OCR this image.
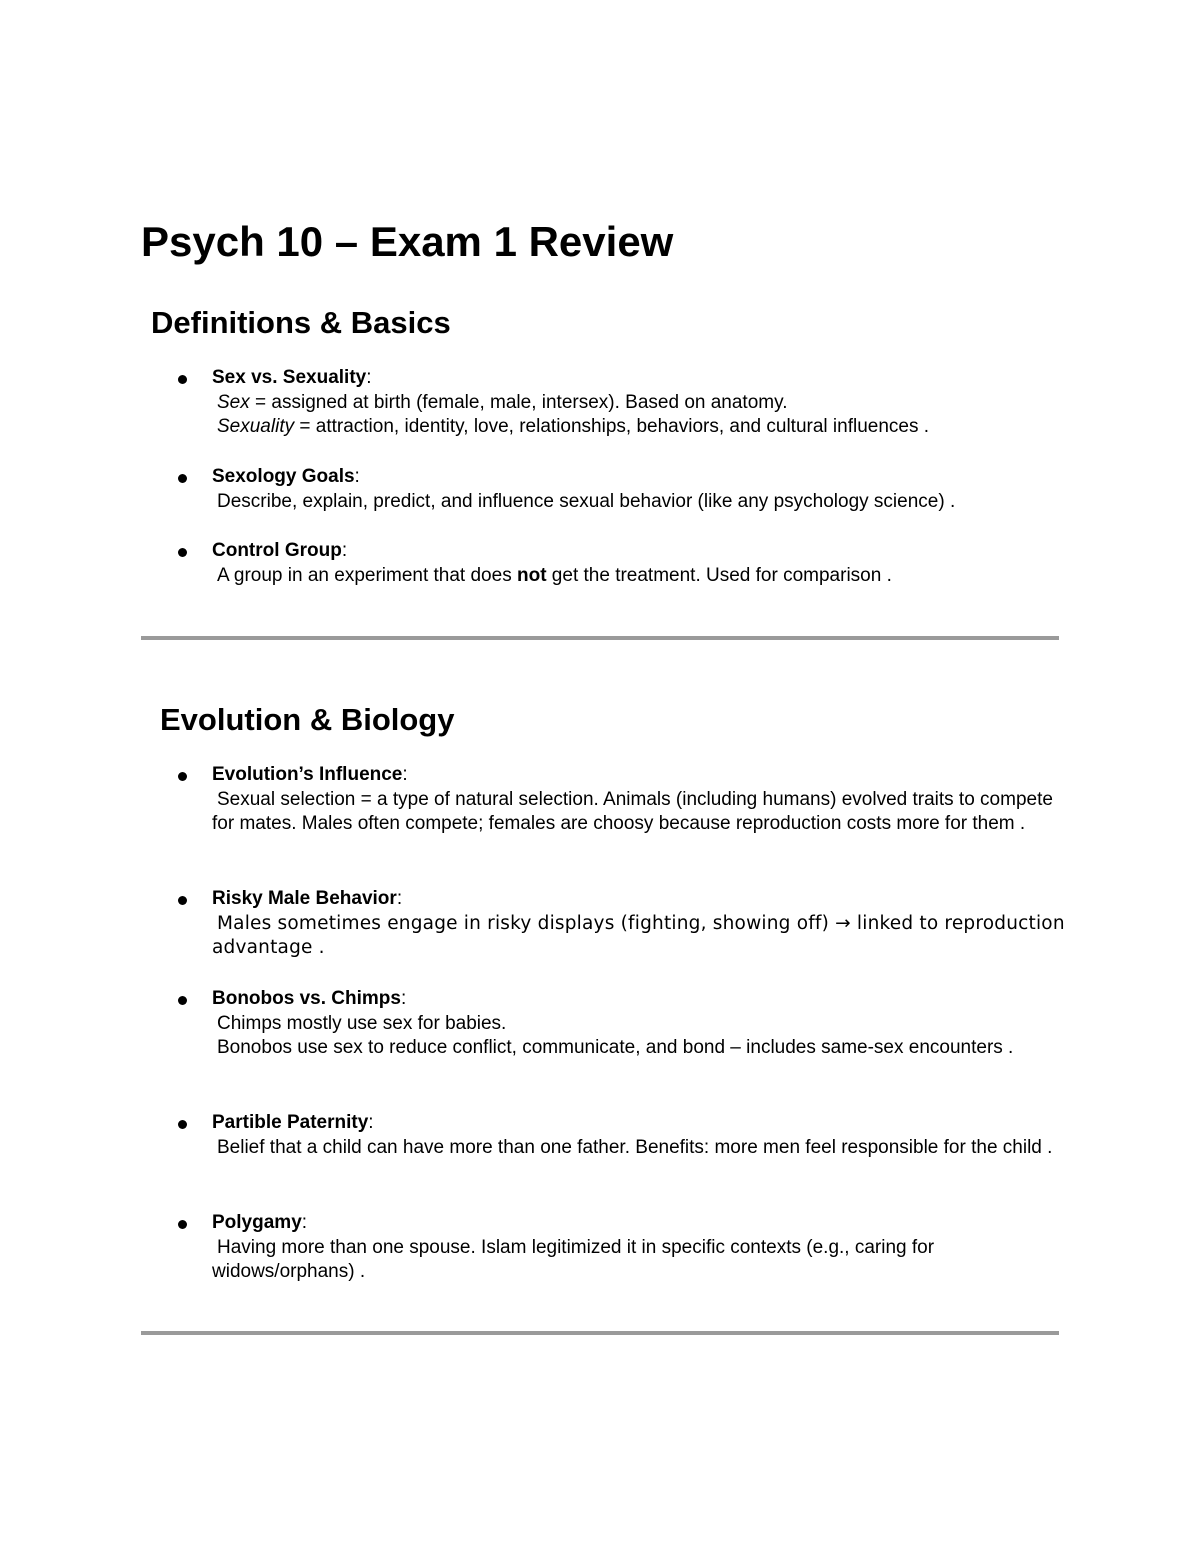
Psych 10 – Exam 1 Review
Definitions & Basics
Sex vs. Sexuality:
Sex = assigned at birth (female, male, intersex). Based on anatomy.
Sexuality = attraction, identity, love, relationships, behaviors, and cultural influences .
Sexology Goals:
Describe, explain, predict, and influence sexual behavior (like any psychology science) .
Control Group:
A group in an experiment that does not get the treatment. Used for comparison .
Evolution & Biology
Evolution’s Influence:
Sexual selection = a type of natural selection. Animals (including humans) evolved traits to compete for mates. Males often compete; females are choosy because reproduction costs more for them .
Risky Male Behavior:
Males sometimes engage in risky displays (fighting, showing off) → linked to reproduction advantage .
Bonobos vs. Chimps:
Chimps mostly use sex for babies.
Bonobos use sex to reduce conflict, communicate, and bond – includes same-sex encounters .
Partible Paternity:
Belief that a child can have more than one father. Benefits: more men feel responsible for the child .
Polygamy:
Having more than one spouse. Islam legitimized it in specific contexts (e.g., caring for widows/orphans) .
